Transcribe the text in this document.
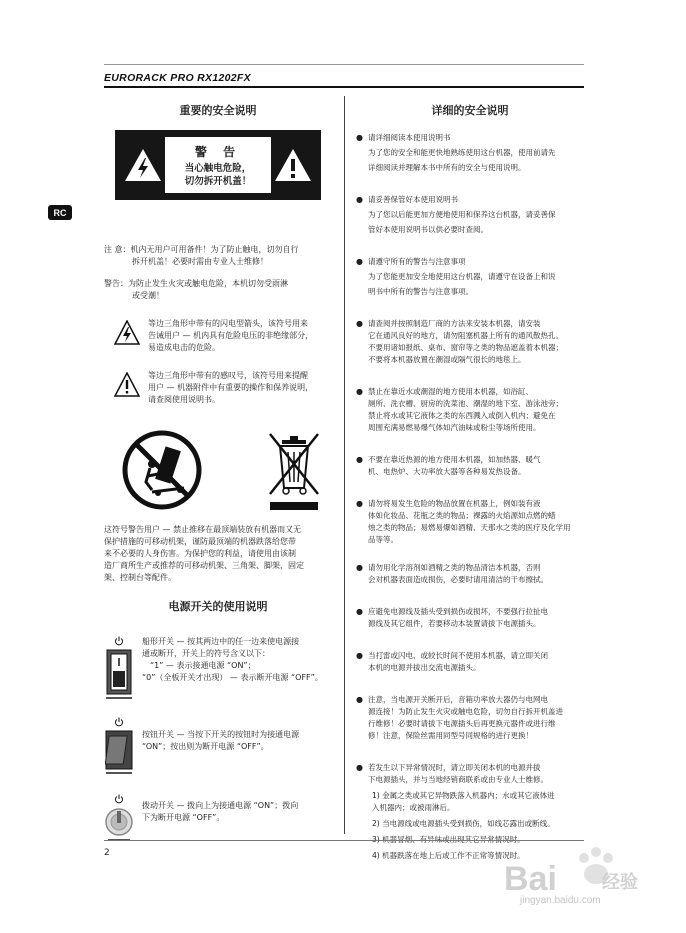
EURORACK PRO RX1202FX
RC
重要的安全说明
警 告
当心触电危险，
切勿拆开机盖！
注 意：机内无用户可用备件！为了防止触电，切勿自行
拆开机盖！必要时需由专业人士维修！
警告：为防止发生火灾或触电危险，本机切勿受雨淋
或受潮！
等边三角形中带有的闪电型箭头，该符号用来
告诫用户 — 机内具有危险电压的非绝缘部分，
易造成电击的危险。
等边三角形中带有的感叹号，该符号用来提醒
用户 — 机器附件中有重要的操作和保养说明，
请查阅使用说明书。
这符号警告用户 — 禁止推移在最顶端装放有机器而又无
保护措施的可移动机架，谨防最顶端的机器跌落给您带
来不必要的人身伤害。为保护您的利益，请使用由该制
造厂商所生产或推荐的可移动机架、三角架、脚架，固定
架、控制台等配件。
电源开关的使用说明
船形开关 — 按其两边中的任一边来使电源接
通或断开，开关上的符号含义以下：
“1” — 表示接通电源 “ON”；
“0”（全板开关才出现） — 表示断开电源 “OFF”。
按钮开关 — 当按下开关的按钮时为接通电源
“ON”；按出则为断开电源 “OFF”。
拨动开关 — 拨向上为接通电源 “ON”；拨向
下为断开电源 “OFF”。
详细的安全说明
● 请详细阅读本使用说明书
为了您的安全和能更快地熟练使用这台机器，使用前请先
详细阅读并理解本书中所有的安全与使用说明。
● 请妥善保管好本使用说明书
为了您以后能更加方便地使用和保养这台机器，请妥善保
管好本使用说明书以供必要时查阅。
● 请遵守所有的警告与注意事项
为了您能更加安全地使用这台机器，请遵守在设备上和说
明书中所有的警告与注意事项。
● 请查阅并按照制造厂商的方法来安装本机器，请安装
它在通风良好的地方，请勿阻塞机器上所有的通风散热孔。
不要用诸如报纸、桌布、窗帘等之类的物品遮盖着本机器；
不要将本机器放置在潮湿或隔气很长的地毯上。
● 禁止在靠近水或潮湿的地方使用本机器，如浴缸、
厕所、洗衣槽、厨房的洗菜池、潮湿的地下室、游泳池旁；
禁止将水或其它液体之类的东西溅入或倒入机内；避免在
周围充满易燃易爆气体如汽油味或粉尘等场所使用。
● 不要在靠近热源的地方使用本机器，如加热器、暖气
机、电热炉、大功率放大器等各种易发热设备。
● 请勿将易发生危险的物品放置在机器上，例如装有液
体如化妆品、花瓶之类的物品；裸露的火焰源如点燃的蜡
烛之类的物品；易燃易爆如酒精、天那水之类的医疗及化学用
品等等。
● 请勿用化学溶剂如酒精之类的物品清洁本机器，否则
会对机器表面造成损伤，必要时请用清洁的干布擦拭。
● 应避免电源线及插头受到损伤或损坏，不要强行拉扯电
源线及其它组件，若要移动本装置请拔下电源插头。
● 当打雷或闪电、或较长时间不使用本机器，请立即关闭
本机的电源并拔出交流电源插头。
● 注意，当电源开关断开后，音箱功率放大器仍与电网电
源连接！为防止发生火灾或触电危险，切勿自行拆开机盖进
行维修！必要时请拔下电源插头后再更换元器件或进行维
修！注意，保险丝需用同型号同规格的进行更换！
● 若发生以下异常情况时，请立即关闭本机的电源并拔
下电源插头，并与当地经销商联系或由专业人士维修。
1) 金属之类或其它异物跌落入机器内；水或其它液体进
入机器内；或被雨淋后。
2) 当电源线或电源插头受到损伤，如线芯露出或断线。
3) 机器冒烟、有异味或出现其它异常情况时。
4) 机器跌落在地上后或工作不正常等情况时。
2
Bai	经验
jingyan.baidu.com
